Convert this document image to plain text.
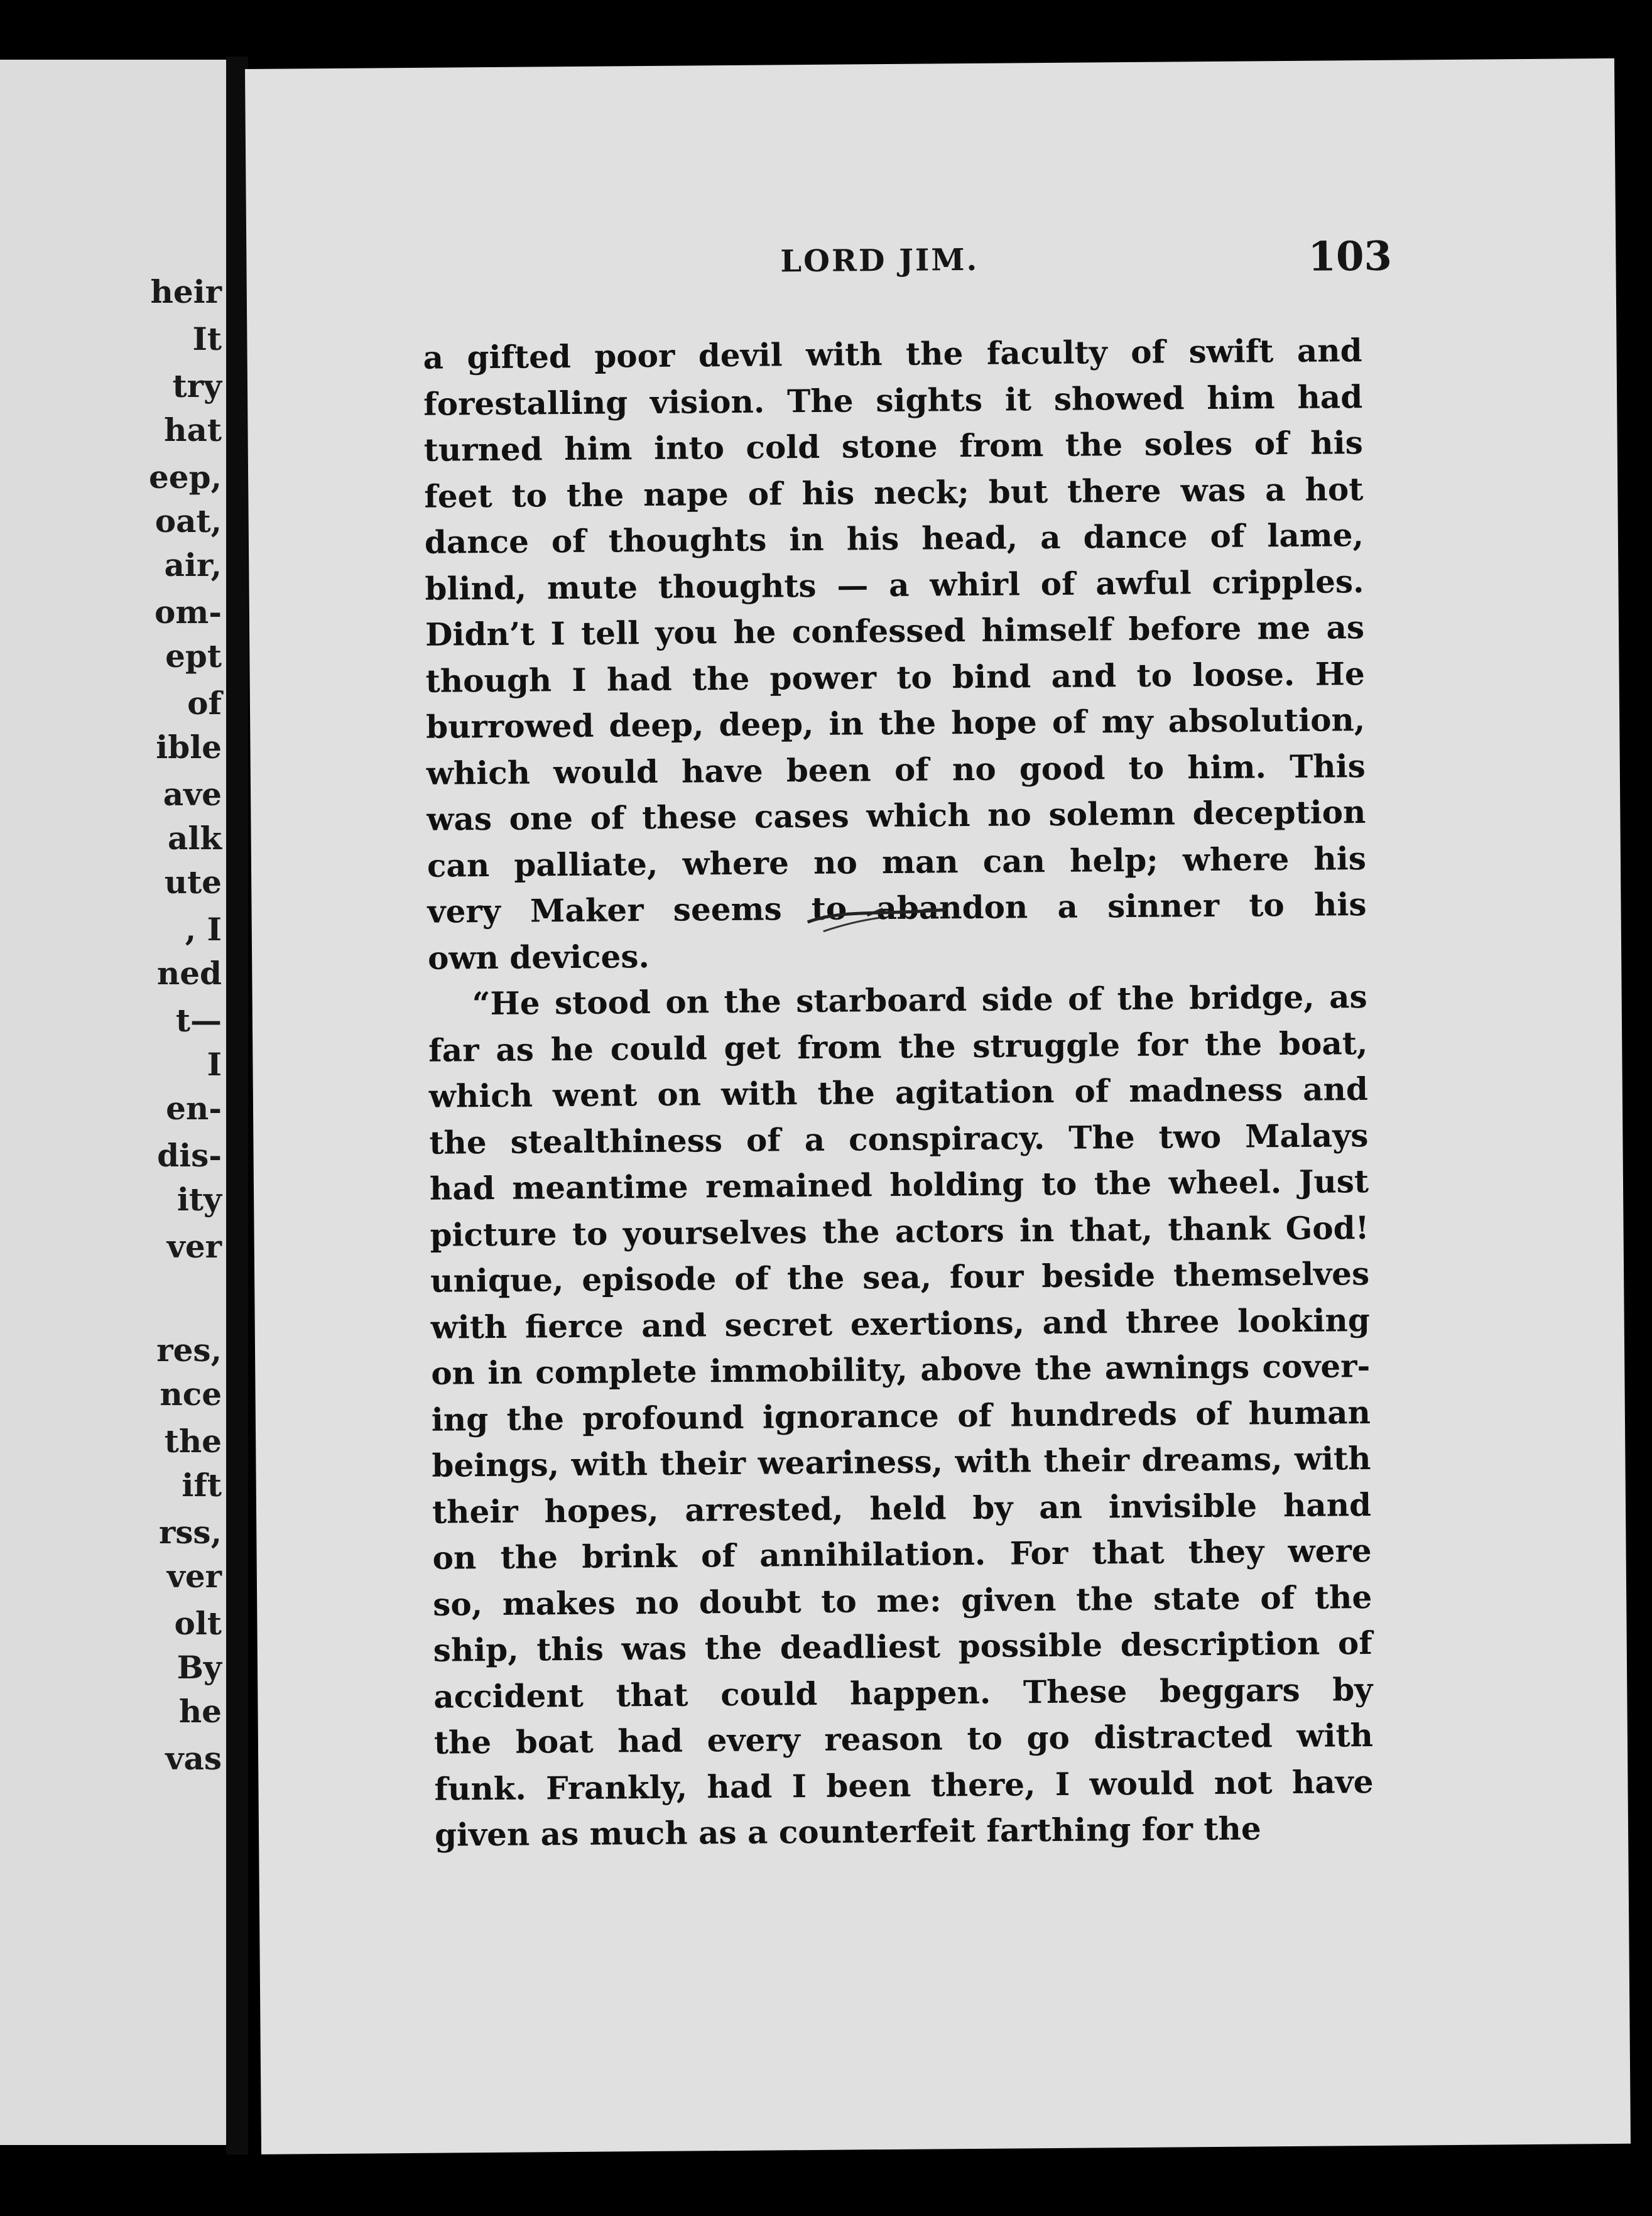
heir
It
try
hat
eep,
oat,
air,
om-
ept
of
ible
ave
alk
ute
, I
ned
t—
I
en-
dis-
ity
ver
res,
nce
the
ift
rss,
ver
olt
By
he
vas
LORD JIM.	103
a gifted poor devil with the faculty of swift and
forestalling vision. The sights it showed him had
turned him into cold stone from the soles of his
feet to the nape of his neck; but there was a hot
dance of thoughts in his head, a dance of lame,
blind, mute thoughts — a whirl of awful cripples.
Didn’t I tell you he confessed himself before me as
though I had the power to bind and to loose. He
burrowed deep, deep, in the hope of my absolution,
which would have been of no good to him. This
was one of these cases which no solemn deception
can palliate, where no man can help; where his
very Maker seems to abandon a sinner to his
own devices.
“He stood on the starboard side of the bridge, as
far as he could get from the struggle for the boat,
which went on with the agitation of madness and
the stealthiness of a conspiracy. The two Malays
had meantime remained holding to the wheel. Just
picture to yourselves the actors in that, thank God!
unique, episode of the sea, four beside themselves
with fierce and secret exertions, and three looking
on in complete immobility, above the awnings cover-
ing the profound ignorance of hundreds of human
beings, with their weariness, with their dreams, with
their hopes, arrested, held by an invisible hand
on the brink of annihilation. For that they were
so, makes no doubt to me: given the state of the
ship, this was the deadliest possible description of
accident that could happen. These beggars by
the boat had every reason to go distracted with
funk. Frankly, had I been there, I would not have
given as much as a counterfeit farthing for the
